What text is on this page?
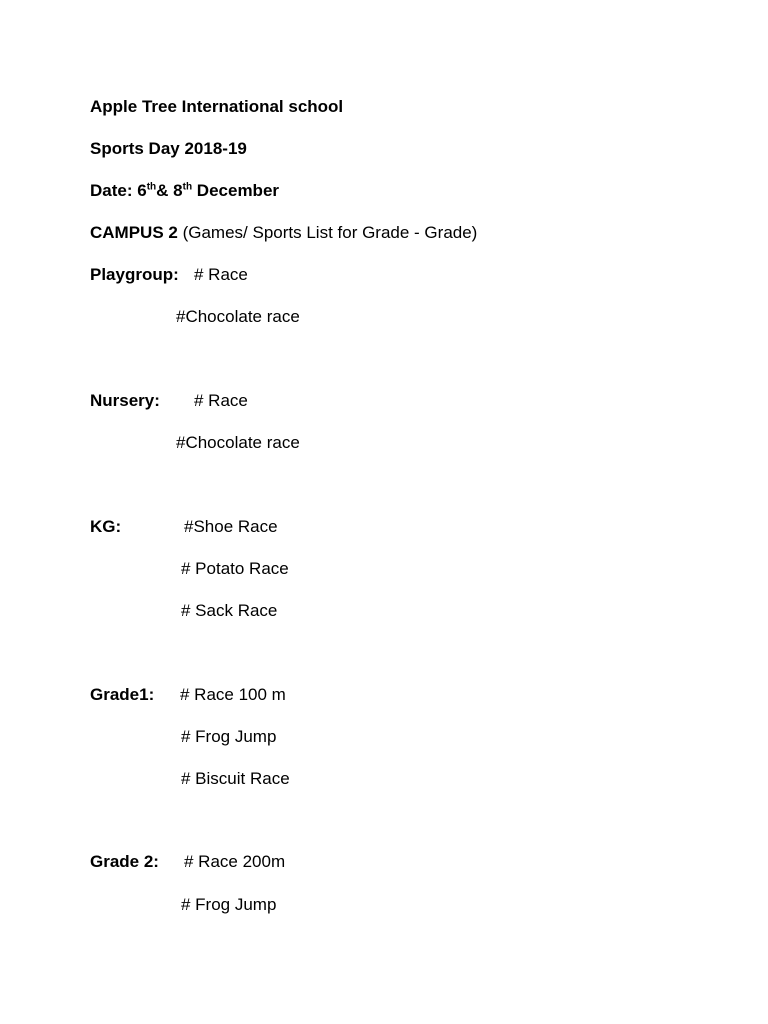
Apple Tree International school
Sports Day 2018-19
Date: 6th& 8th December
CAMPUS 2 (Games/ Sports List for Grade - Grade)
Playgroup: # Race
#Chocolate race
Nursery: # Race
#Chocolate race
KG:	#Shoe Race
# Potato Race
# Sack Race
Grade1: # Race 100 m
# Frog Jump
# Biscuit Race
Grade 2: # Race 200m
# Frog Jump
